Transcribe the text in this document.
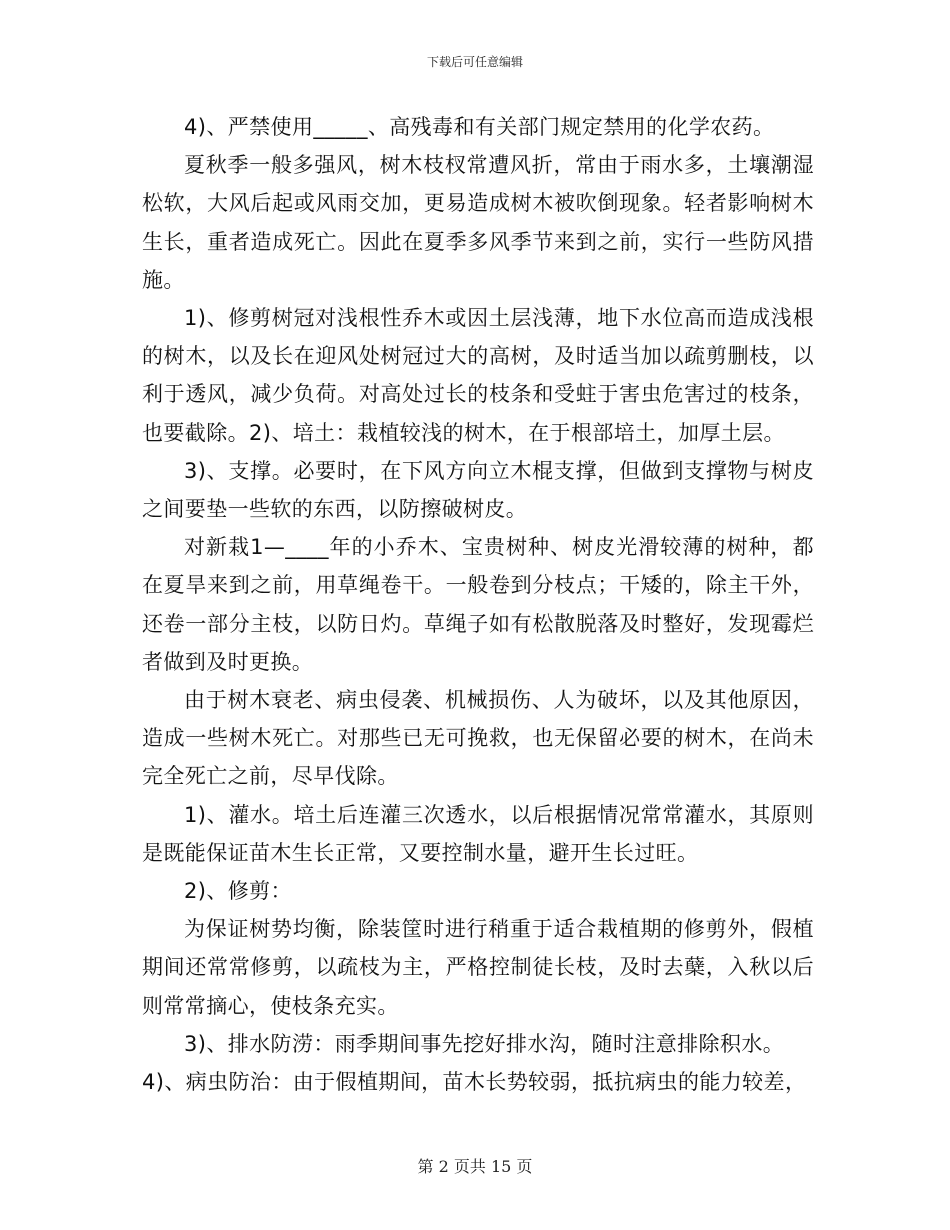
下载后可任意编辑

4)、严禁使用_____、高残毒和有关部门规定禁用的化学农药。

夏秋季一般多强风，树木枝杈常遭风折，常由于雨水多，土壤潮湿松软，大风后起或风雨交加，更易造成树木被吹倒现象。轻者影响树木生长，重者造成死亡。因此在夏季多风季节来到之前，实行一些防风措施。

1)、修剪树冠对浅根性乔木或因土层浅薄，地下水位高而造成浅根的树木，以及长在迎风处树冠过大的高树，及时适当加以疏剪删枝，以利于透风，减少负荷。对高处过长的枝条和受蛀于害虫危害过的枝条，也要截除。2)、培土：栽植较浅的树木，在于根部培土，加厚土层。

3)、支撑。必要时，在下风方向立木棍支撑，但做到支撑物与树皮之间要垫一些软的东西，以防擦破树皮。

对新栽1—____年的小乔木、宝贵树种、树皮光滑较薄的树种，都在夏旱来到之前，用草绳卷干。一般卷到分枝点；干矮的，除主干外，还卷一部分主枝，以防日灼。草绳子如有松散脱落及时整好，发现霉烂者做到及时更换。

由于树木衰老、病虫侵袭、机械损伤、人为破坏，以及其他原因，造成一些树木死亡。对那些已无可挽救，也无保留必要的树木，在尚未完全死亡之前，尽早伐除。

1)、灌水。培土后连灌三次透水，以后根据情况常常灌水，其原则是既能保证苗木生长正常，又要控制水量，避开生长过旺。

2)、修剪：

为保证树势均衡，除装筐时进行稍重于适合栽植期的修剪外，假植期间还常常修剪，以疏枝为主，严格控制徒长枝，及时去蘖，入秋以后则常常摘心，使枝条充实。

3)、排水防涝：雨季期间事先挖好排水沟，随时注意排除积水。

4)、病虫防治：由于假植期间，苗木长势较弱，抵抗病虫的能力较差，

第 2 页共 15 页
